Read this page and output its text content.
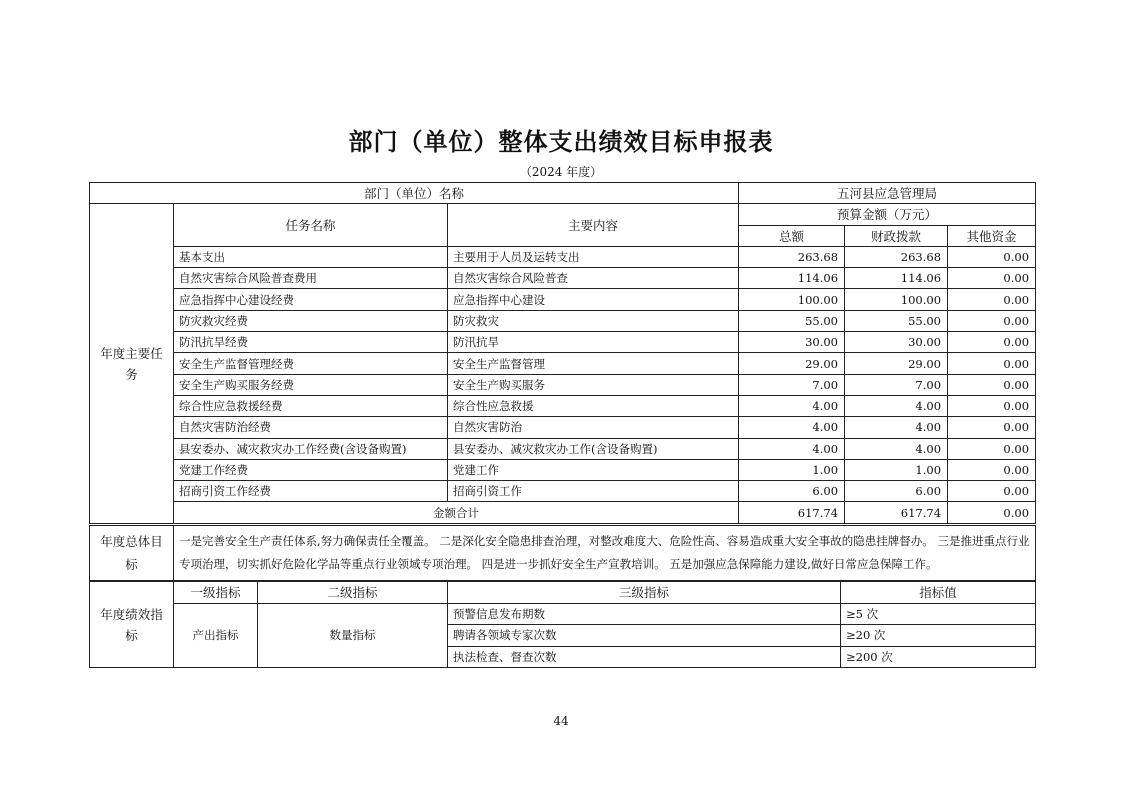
部门（单位）整体支出绩效目标申报表
（2024 年度）
部门（单位）名称			五河县应急管理局		
年度主要任务	任务名称	主要内容	预算金额（万元）		
			总额	财政拨款	其他资金
	基本支出	主要用于人员及运转支出	263.68	263.68	0.00
	自然灾害综合风险普查费用	自然灾害综合风险普查	114.06	114.06	0.00
	应急指挥中心建设经费	应急指挥中心建设	100.00	100.00	0.00
	防灾救灾经费	防灾救灾	55.00	55.00	0.00
	防汛抗旱经费	防汛抗旱	30.00	30.00	0.00
	安全生产监督管理经费	安全生产监督管理	29.00	29.00	0.00
	安全生产购买服务经费	安全生产购买服务	7.00	7.00	0.00
	综合性应急救援经费	综合性应急救援	4.00	4.00	0.00
	自然灾害防治经费	自然灾害防治	4.00	4.00	0.00
	县安委办、减灾救灾办工作经费(含设备购置)	县安委办、减灾救灾办工作(含设备购置)	4.00	4.00	0.00
	党建工作经费	党建工作	1.00	1.00	0.00
	招商引资工作经费	招商引资工作	6.00	6.00	0.00
	金额合计		617.74	617.74	0.00
年度总体目标	一是完善安全生产责任体系,努力确保责任全覆盖。 二是深化安全隐患排查治理，对整改难度大、危险性高、容易造成重大安全事故的隐患挂牌督办。 三是推进重点行业专项治理，切实抓好危险化学品等重点行业领域专项治理。 四是进一步抓好安全生产宣教培训。 五是加强应急保障能力建设,做好日常应急保障工作。
年度绩效指标	一级指标	二级指标	三级指标	指标值
	产出指标	数量指标	预警信息发布期数	≥5 次
			聘请各领域专家次数	≥20 次
			执法检查、督查次数	≥200 次
44
